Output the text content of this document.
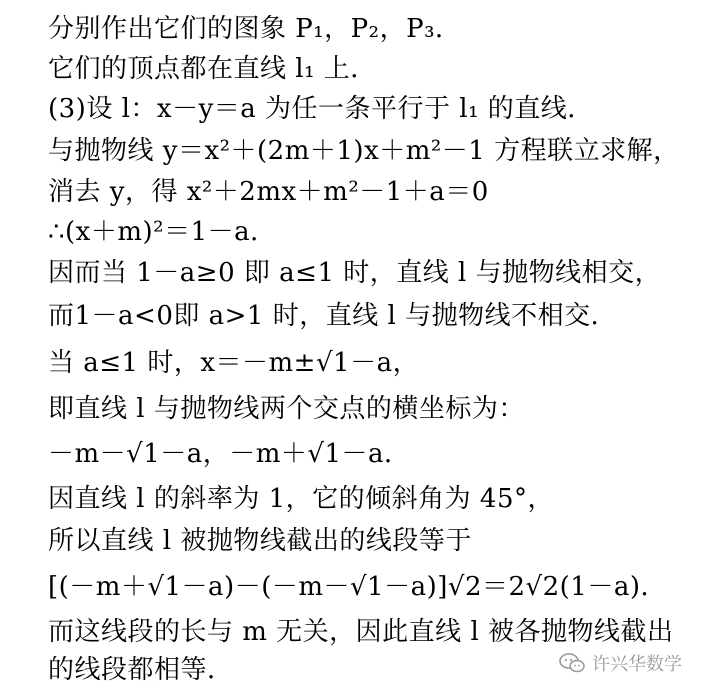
分别作出它们的图象 P₁，P₂，P₃．
它们的顶点都在直线 l₁ 上．
(3)设 l：x－y＝a 为任一条平行于 l₁ 的直线．
与抛物线 y＝x²＋(2m＋1)x＋m²－1 方程联立求解，
消去 y，得 x²＋2mx＋m²－1＋a＝0
∴(x＋m)²＝1－a．
因而当 1－a≥0 即 a≤1 时，直线 l 与抛物线相交，
而1－a<0即 a>1 时，直线 l 与抛物线不相交．
当 a≤1 时，x＝－m±√1－a，
即直线 l 与抛物线两个交点的横坐标为：
－m－√1－a，－m＋√1－a．
因直线 l 的斜率为 1，它的倾斜角为 45°，
所以直线 l 被抛物线截出的线段等于
[(－m＋√1－a)－(－m－√1－a)]√2＝2√2(1－a)．
而这线段的长与 m 无关，因此直线 l 被各抛物线截出
的线段都相等．	许兴华数学
